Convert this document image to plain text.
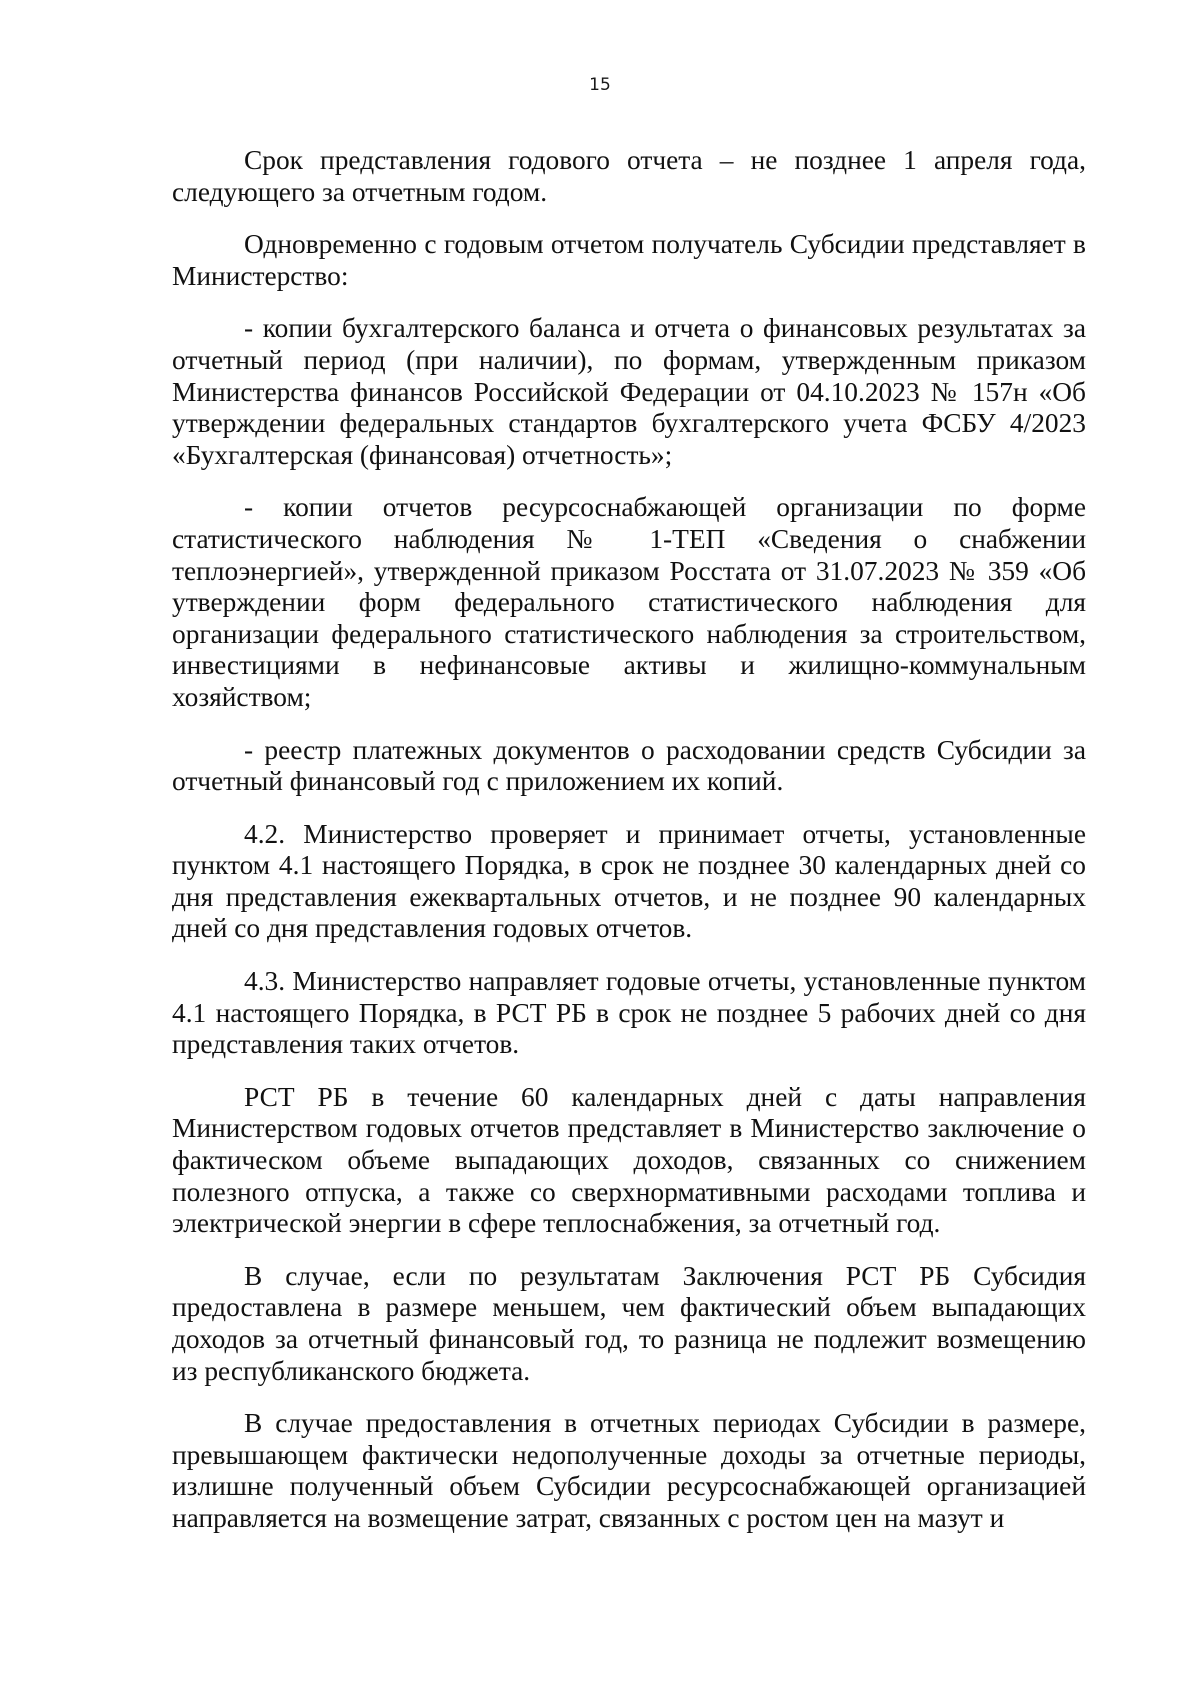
15

Срок представления годового отчета – не позднее 1 апреля года, следующего за отчетным годом.

Одновременно с годовым отчетом получатель Субсидии представляет в Министерство:

- копии бухгалтерского баланса и отчета о финансовых результатах за отчетный период (при наличии), по формам, утвержденным приказом Министерства финансов Российской Федерации от 04.10.2023 № 157н «Об утверждении федеральных стандартов бухгалтерского учета ФСБУ 4/2023 «Бухгалтерская (финансовая) отчетность»;

- копии отчетов ресурсоснабжающей организации по форме статистического наблюдения № 1-ТЕП «Сведения о снабжении теплоэнергией», утвержденной приказом Росстата от 31.07.2023 № 359 «Об утверждении форм федерального статистического наблюдения для организации федерального статистического наблюдения за строительством, инвестициями в нефинансовые активы и жилищно-коммунальным хозяйством;

- реестр платежных документов о расходовании средств Субсидии за отчетный финансовый год с приложением их копий.

4.2. Министерство проверяет и принимает отчеты, установленные пунктом 4.1 настоящего Порядка, в срок не позднее 30 календарных дней со дня представления ежеквартальных отчетов, и не позднее 90 календарных дней со дня представления годовых отчетов.

4.3. Министерство направляет годовые отчеты, установленные пунктом 4.1 настоящего Порядка, в РСТ РБ в срок не позднее 5 рабочих дней со дня представления таких отчетов.

РСТ РБ в течение 60 календарных дней с даты направления Министерством годовых отчетов представляет в Министерство заключение о фактическом объеме выпадающих доходов, связанных со снижением полезного отпуска, а также со сверхнормативными расходами топлива и электрической энергии в сфере теплоснабжения, за отчетный год.

В случае, если по результатам Заключения РСТ РБ Субсидия предоставлена в размере меньшем, чем фактический объем выпадающих доходов за отчетный финансовый год, то разница не подлежит возмещению из республиканского бюджета.

В случае предоставления в отчетных периодах Субсидии в размере, превышающем фактически недополученные доходы за отчетные периоды, излишне полученный объем Субсидии ресурсоснабжающей организацией направляется на возмещение затрат, связанных с ростом цен на мазут и
